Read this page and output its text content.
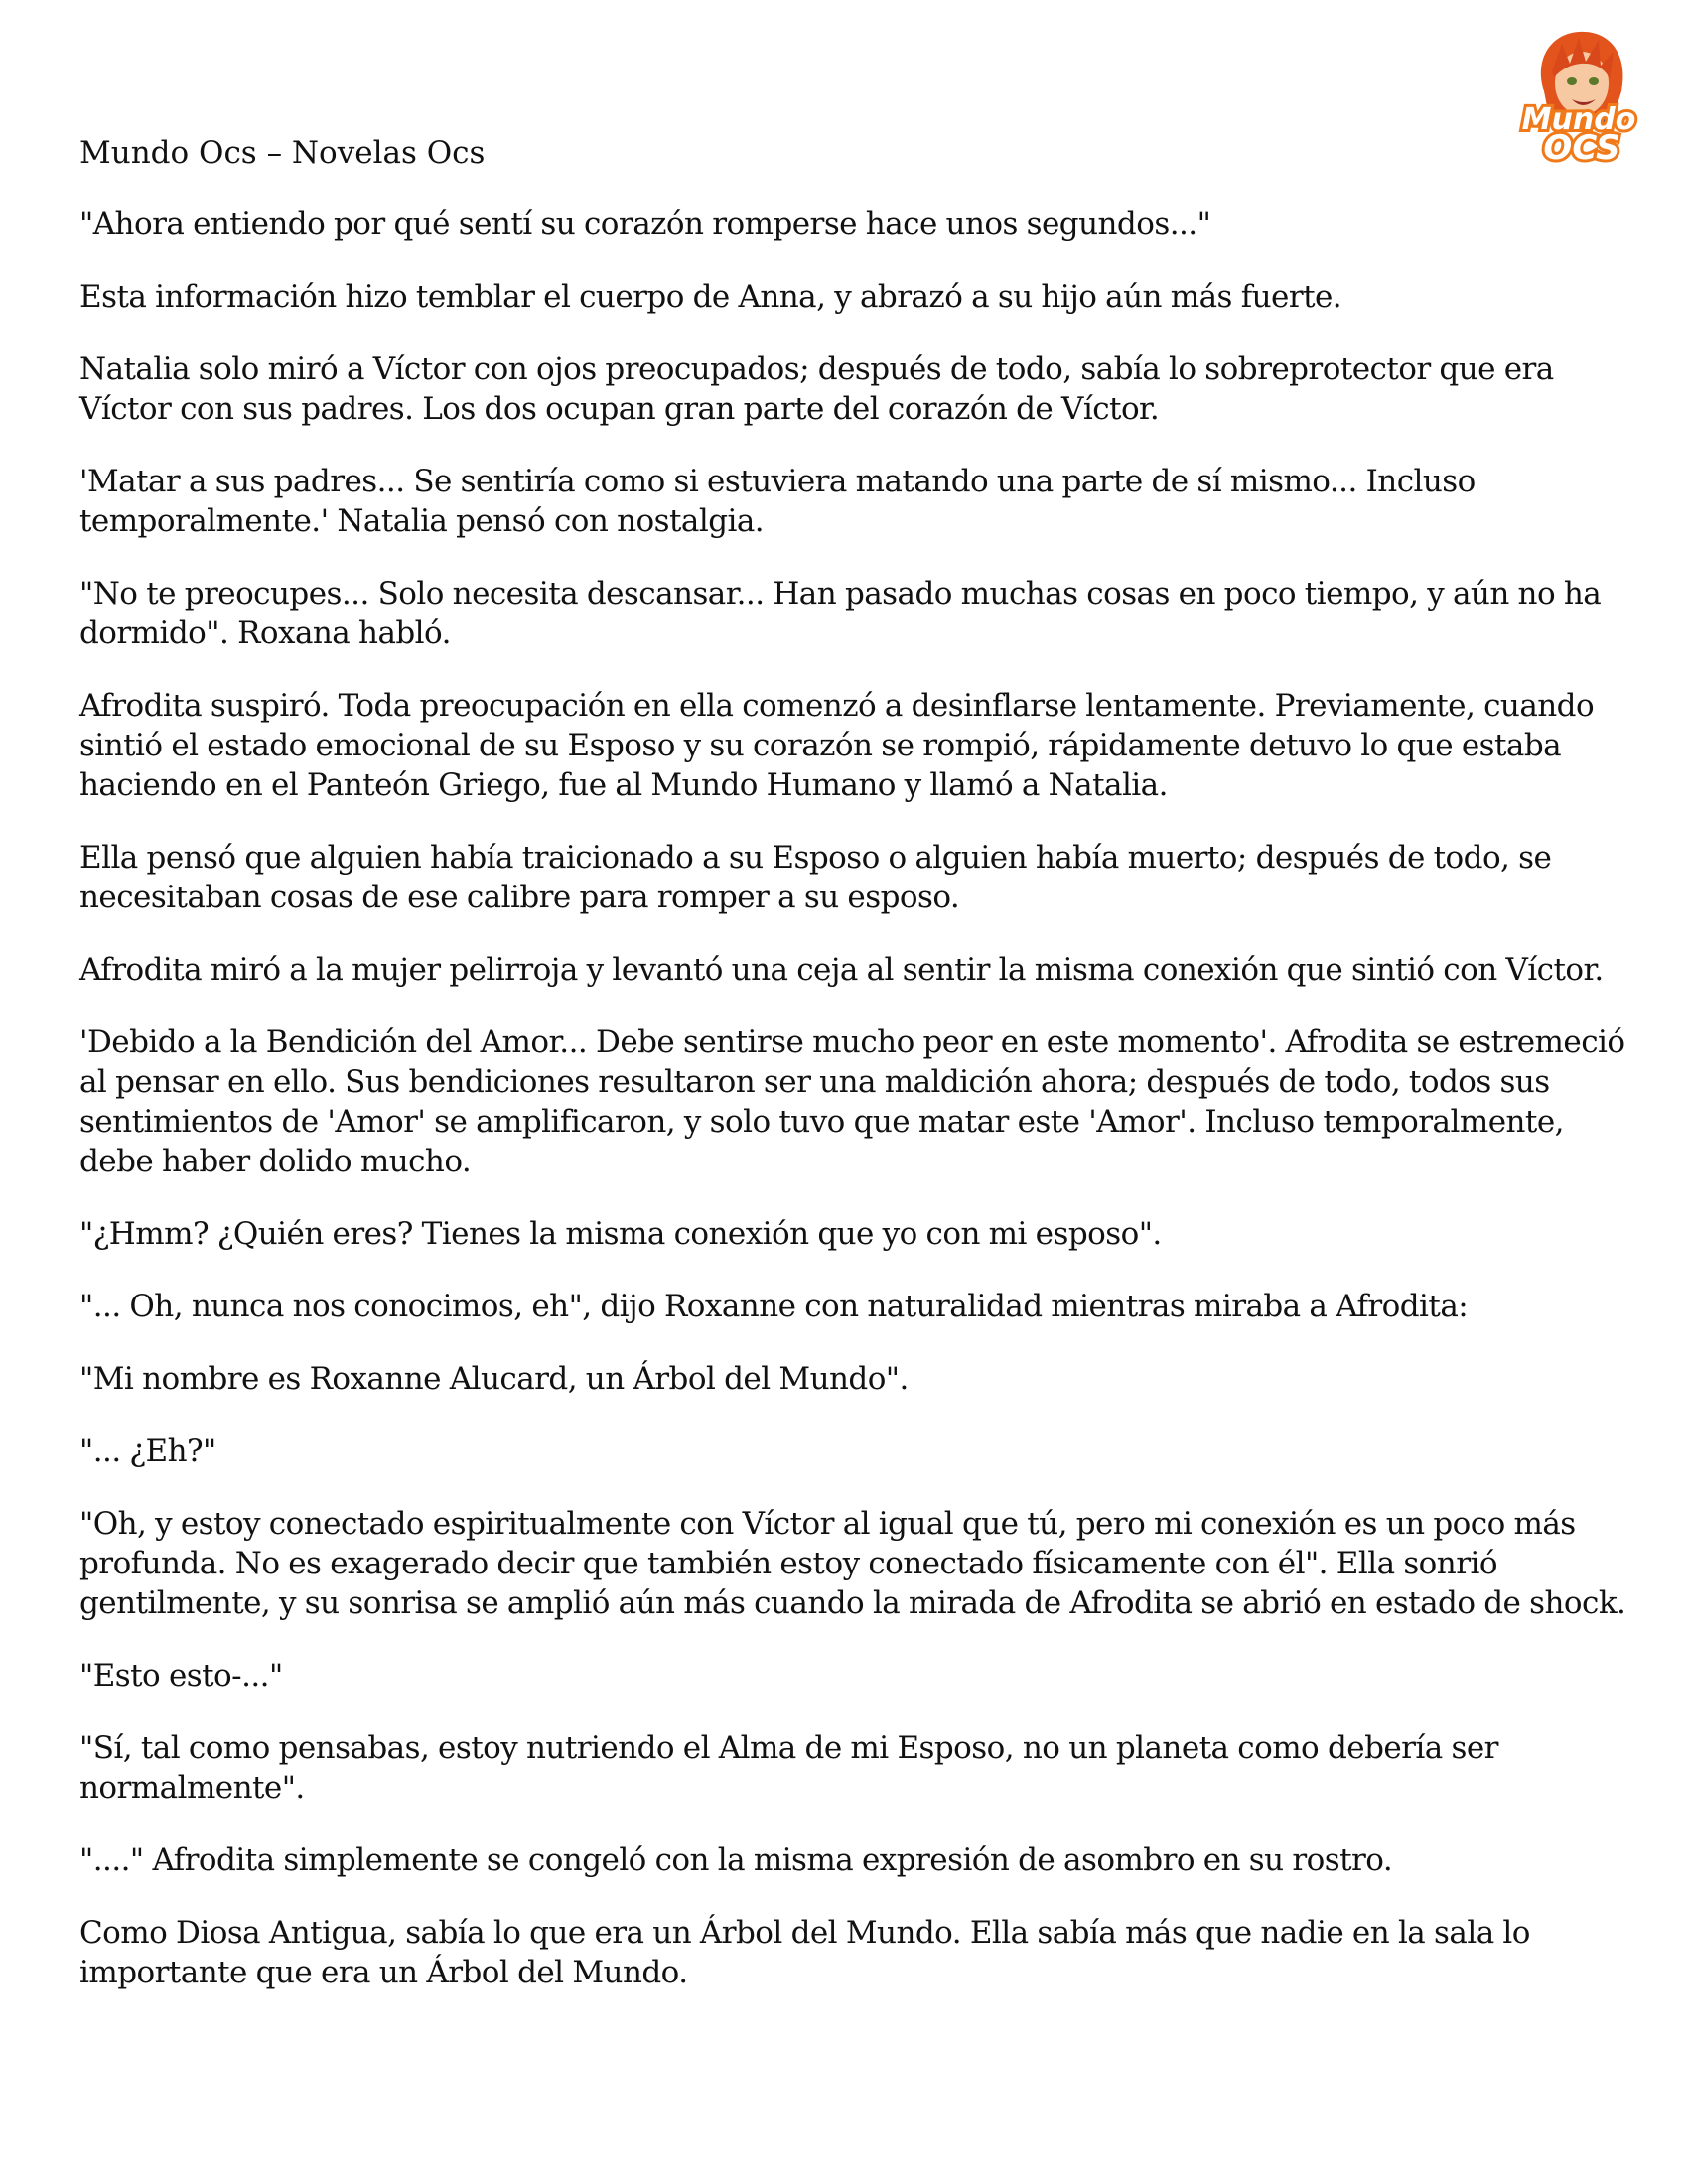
Mundo
OCS

Mundo Ocs – Novelas Ocs

"Ahora entiendo por qué sentí su corazón romperse hace unos segundos..."

Esta información hizo temblar el cuerpo de Anna, y abrazó a su hijo aún más fuerte.

Natalia solo miró a Víctor con ojos preocupados; después de todo, sabía lo sobreprotector que era Víctor con sus padres. Los dos ocupan gran parte del corazón de Víctor.

'Matar a sus padres... Se sentiría como si estuviera matando una parte de sí mismo... Incluso temporalmente.' Natalia pensó con nostalgia.

"No te preocupes... Solo necesita descansar... Han pasado muchas cosas en poco tiempo, y aún no ha dormido". Roxana habló.

Afrodita suspiró. Toda preocupación en ella comenzó a desinflarse lentamente. Previamente, cuando sintió el estado emocional de su Esposo y su corazón se rompió, rápidamente detuvo lo que estaba haciendo en el Panteón Griego, fue al Mundo Humano y llamó a Natalia.

Ella pensó que alguien había traicionado a su Esposo o alguien había muerto; después de todo, se necesitaban cosas de ese calibre para romper a su esposo.

Afrodita miró a la mujer pelirroja y levantó una ceja al sentir la misma conexión que sintió con Víctor.

'Debido a la Bendición del Amor... Debe sentirse mucho peor en este momento'. Afrodita se estremeció al pensar en ello. Sus bendiciones resultaron ser una maldición ahora; después de todo, todos sus sentimientos de 'Amor' se amplificaron, y solo tuvo que matar este 'Amor'. Incluso temporalmente, debe haber dolido mucho.

"¿Hmm? ¿Quién eres? Tienes la misma conexión que yo con mi esposo".

"... Oh, nunca nos conocimos, eh", dijo Roxanne con naturalidad mientras miraba a Afrodita:

"Mi nombre es Roxanne Alucard, un Árbol del Mundo".

"... ¿Eh?"

"Oh, y estoy conectado espiritualmente con Víctor al igual que tú, pero mi conexión es un poco más profunda. No es exagerado decir que también estoy conectado físicamente con él". Ella sonrió gentilmente, y su sonrisa se amplió aún más cuando la mirada de Afrodita se abrió en estado de shock.

"Esto esto-..."

"Sí, tal como pensabas, estoy nutriendo el Alma de mi Esposo, no un planeta como debería ser normalmente".

"...." Afrodita simplemente se congeló con la misma expresión de asombro en su rostro.

Como Diosa Antigua, sabía lo que era un Árbol del Mundo. Ella sabía más que nadie en la sala lo importante que era un Árbol del Mundo.
